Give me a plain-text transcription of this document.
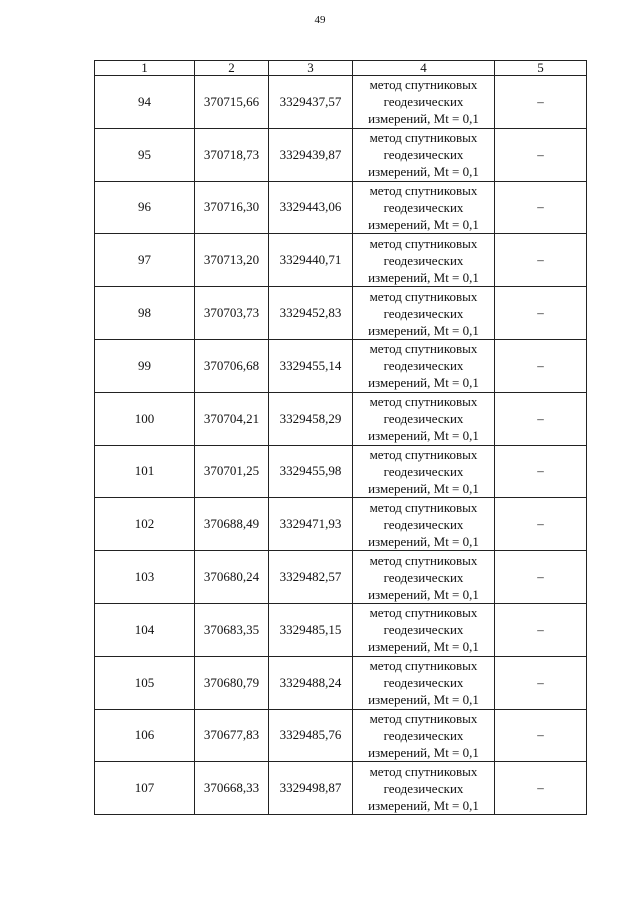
49
1	2	3	4	5
94	370715,66	3329437,57	метод спутниковых
геодезических
измерений, Mt = 0,1	–
95	370718,73	3329439,87	метод спутниковых
геодезических
измерений, Mt = 0,1	–
96	370716,30	3329443,06	метод спутниковых
геодезических
измерений, Mt = 0,1	–
97	370713,20	3329440,71	метод спутниковых
геодезических
измерений, Mt = 0,1	–
98	370703,73	3329452,83	метод спутниковых
геодезических
измерений, Mt = 0,1	–
99	370706,68	3329455,14	метод спутниковых
геодезических
измерений, Mt = 0,1	–
100	370704,21	3329458,29	метод спутниковых
геодезических
измерений, Mt = 0,1	–
101	370701,25	3329455,98	метод спутниковых
геодезических
измерений, Mt = 0,1	–
102	370688,49	3329471,93	метод спутниковых
геодезических
измерений, Mt = 0,1	–
103	370680,24	3329482,57	метод спутниковых
геодезических
измерений, Mt = 0,1	–
104	370683,35	3329485,15	метод спутниковых
геодезических
измерений, Mt = 0,1	–
105	370680,79	3329488,24	метод спутниковых
геодезических
измерений, Mt = 0,1	–
106	370677,83	3329485,76	метод спутниковых
геодезических
измерений, Mt = 0,1	–
107	370668,33	3329498,87	метод спутниковых
геодезических
измерений, Mt = 0,1	–
